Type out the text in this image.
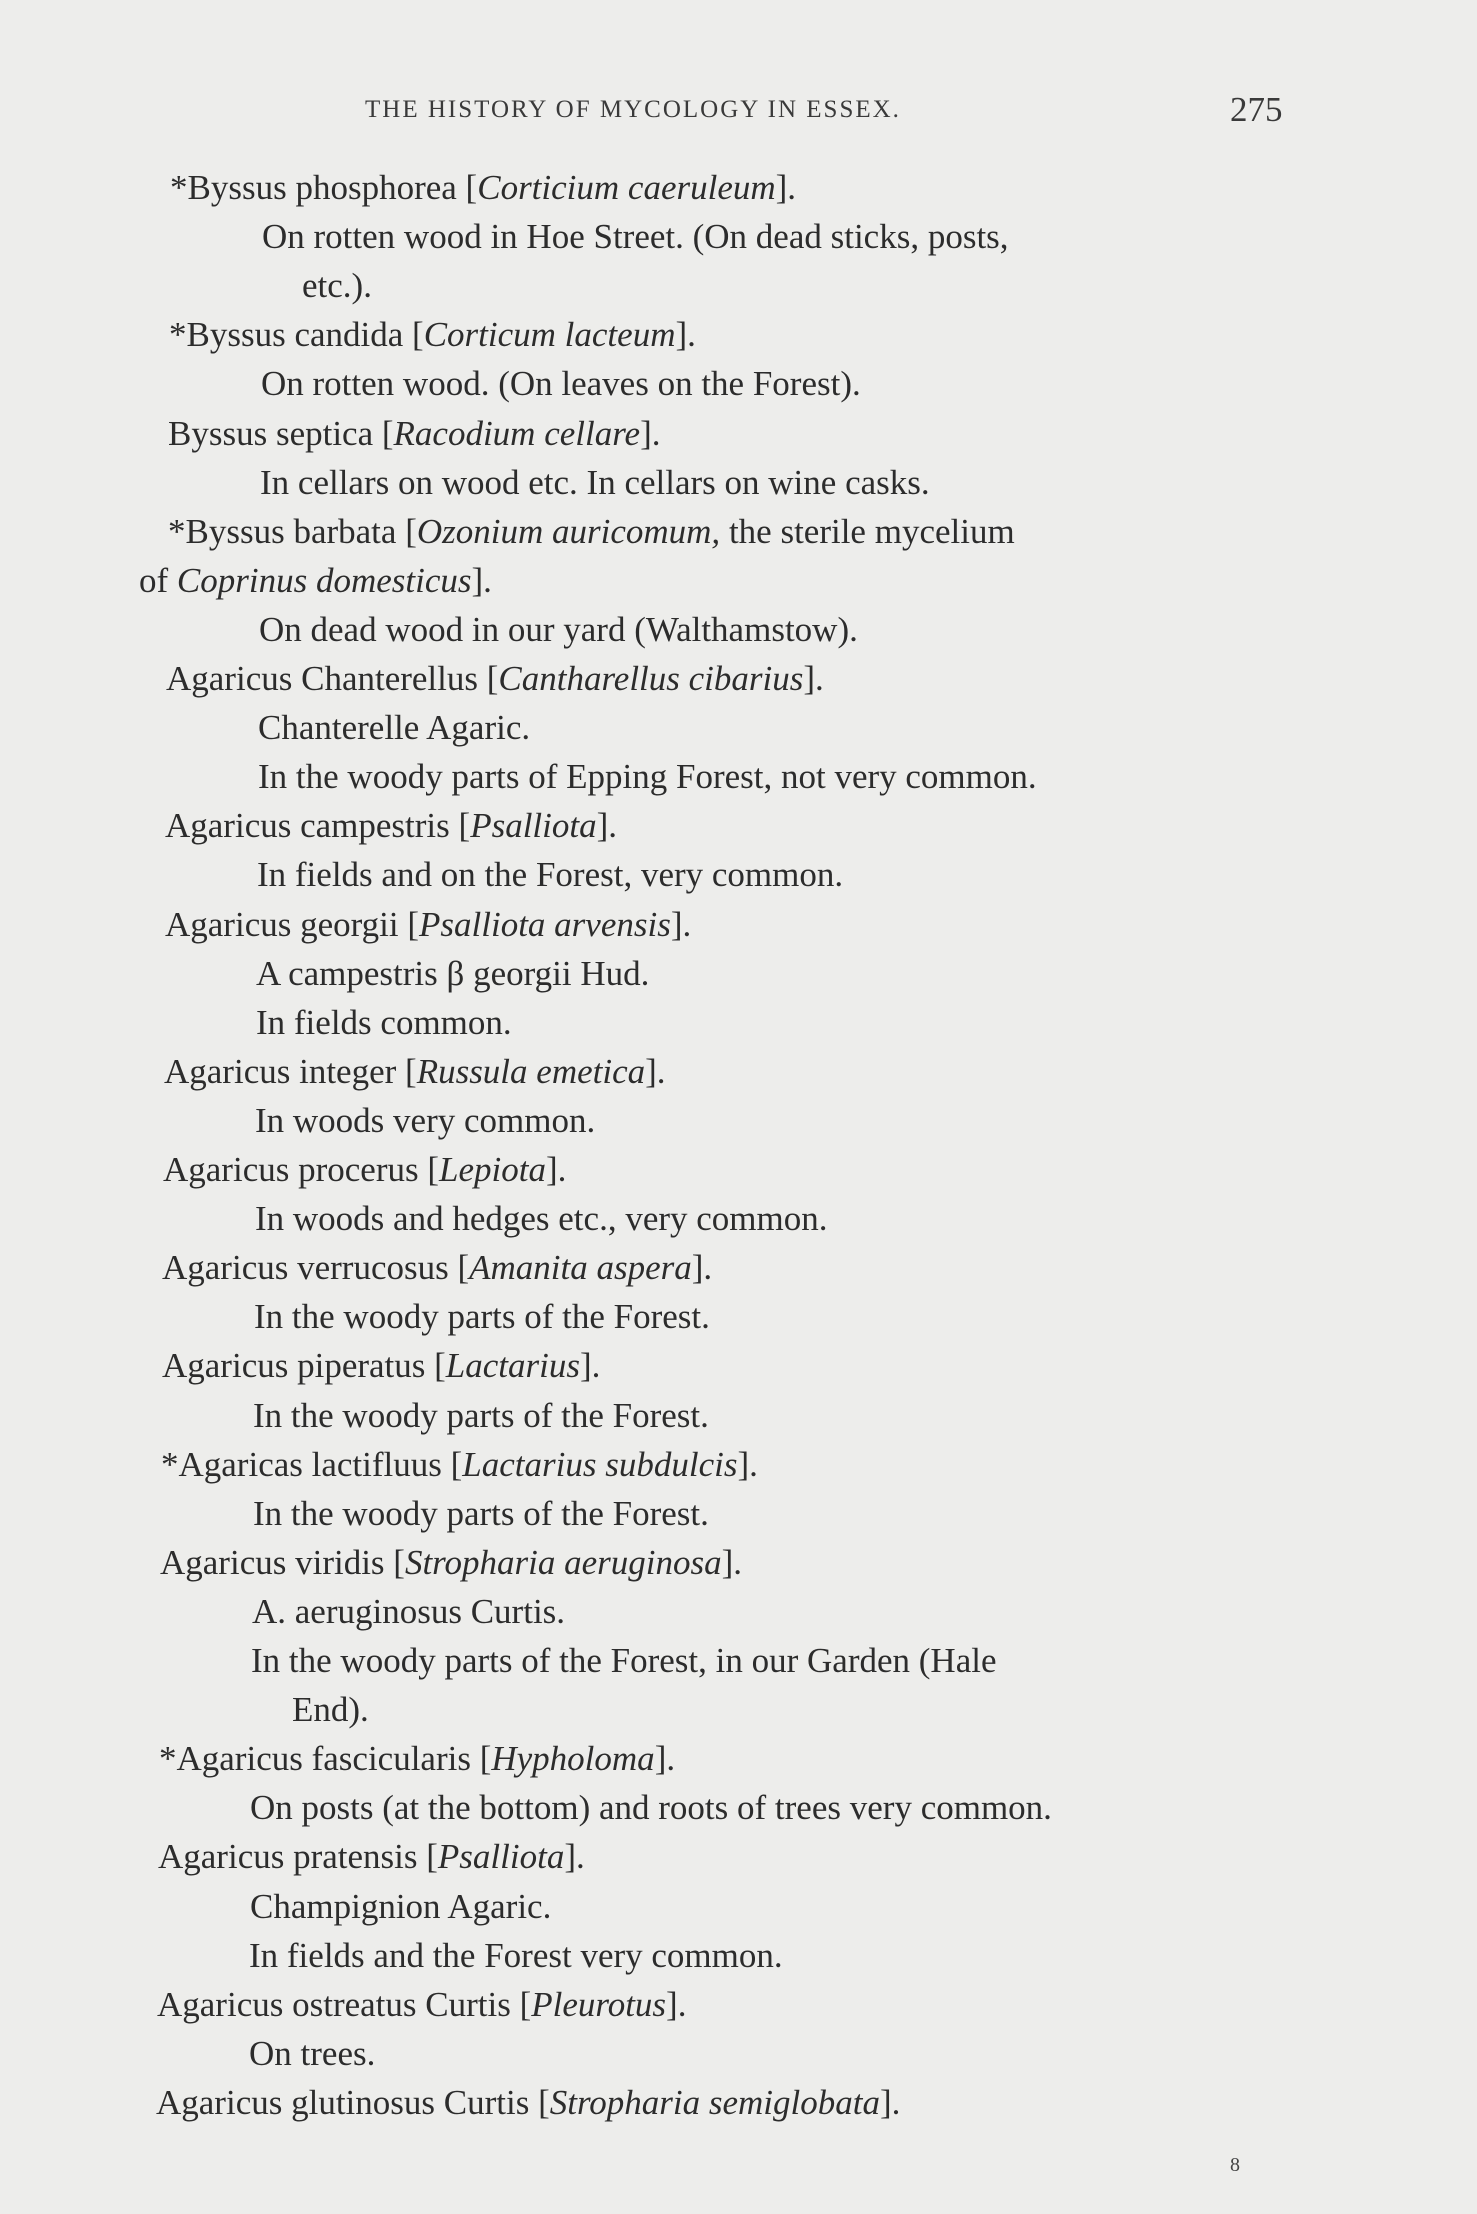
THE HISTORY OF MYCOLOGY IN ESSEX.	275
*Byssus phosphorea [Corticium caeruleum].
On rotten wood in Hoe Street. (On dead sticks, posts,
etc.).
*Byssus candida [Corticum lacteum].
On rotten wood. (On leaves on the Forest).
Byssus septica [Racodium cellare].
In cellars on wood etc. In cellars on wine casks.
*Byssus barbata [Ozonium auricomum, the sterile mycelium
of Coprinus domesticus].
On dead wood in our yard (Walthamstow).
Agaricus Chanterellus [Cantharellus cibarius].
Chanterelle Agaric.
In the woody parts of Epping Forest, not very common.
Agaricus campestris [Psalliota].
In fields and on the Forest, very common.
Agaricus georgii [Psalliota arvensis].
A campestris β georgii Hud.
In fields common.
Agaricus integer [Russula emetica].
In woods very common.
Agaricus procerus [Lepiota].
In woods and hedges etc., very common.
Agaricus verrucosus [Amanita aspera].
In the woody parts of the Forest.
Agaricus piperatus [Lactarius].
In the woody parts of the Forest.
*Agaricas lactifluus [Lactarius subdulcis].
In the woody parts of the Forest.
Agaricus viridis [Stropharia aeruginosa].
A. aeruginosus Curtis.
In the woody parts of the Forest, in our Garden (Hale
End).
*Agaricus fascicularis [Hypholoma].
On posts (at the bottom) and roots of trees very common.
Agaricus pratensis [Psalliota].
Champignion Agaric.
In fields and the Forest very common.
Agaricus ostreatus Curtis [Pleurotus].
On trees.
Agaricus glutinosus Curtis [Stropharia semiglobata].
8
